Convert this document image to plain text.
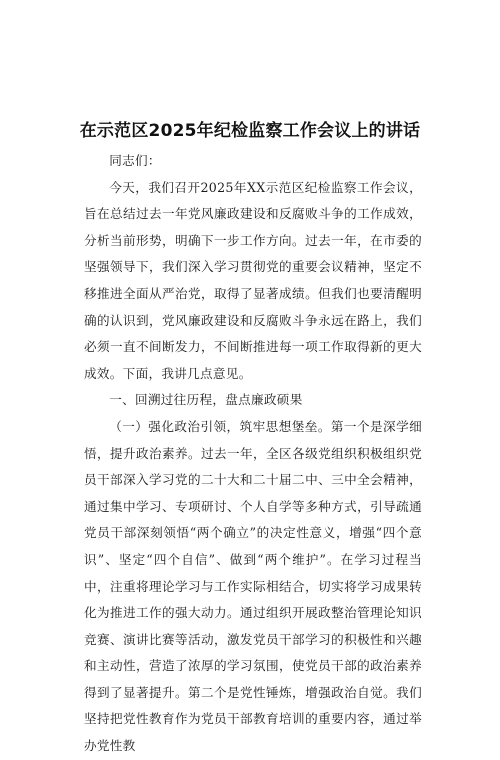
在示范区2025年纪检监察工作会议上的讲话

同志们：

今天，我们召开2025年XX示范区纪检监察工作会议，旨在总结过去一年党风廉政建设和反腐败斗争的工作成效，分析当前形势，明确下一步工作方向。过去一年，在市委的坚强领导下，我们深入学习贯彻党的重要会议精神，坚定不移推进全面从严治党，取得了显著成绩。但我们也要清醒明确的认识到，党风廉政建设和反腐败斗争永远在路上，我们必须一直不间断发力，不间断推进每一项工作取得新的更大成效。下面，我讲几点意见。

一、回溯过往历程，盘点廉政硕果

（一）强化政治引领，筑牢思想堡垒。第一个是深学细悟，提升政治素养。过去一年，全区各级党组织积极组织党员干部深入学习党的二十大和二十届二中、三中全会精神，通过集中学习、专项研讨、个人自学等多种方式，引导疏通党员干部深刻领悟“两个确立”的决定性意义，增强“四个意识”、坚定“四个自信”、做到“两个维护”。在学习过程当中，注重将理论学习与工作实际相结合，切实将学习成果转化为推进工作的强大动力。通过组织开展政整治管理论知识竞赛、演讲比赛等活动，激发党员干部学习的积极性和兴趣和主动性，营造了浓厚的学习氛围，使党员干部的政治素养得到了显著提升。第二个是党性锤炼，增强政治自觉。我们坚持把党性教育作为党员干部教育培训的重要内容，通过举办党性教
